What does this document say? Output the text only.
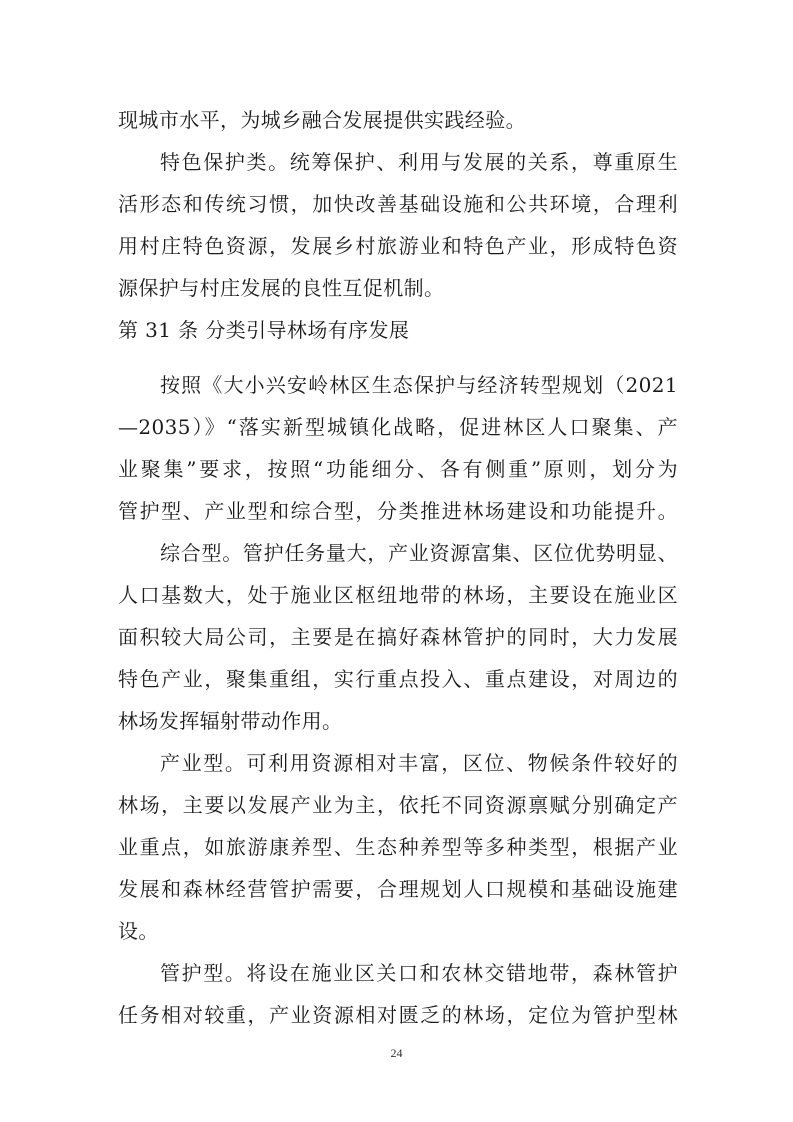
现城市水平，为城乡融合发展提供实践经验。
特色保护类。统筹保护、利用与发展的关系，尊重原生
活形态和传统习惯，加快改善基础设施和公共环境，合理利
用村庄特色资源，发展乡村旅游业和特色产业，形成特色资
源保护与村庄发展的良性互促机制。
第 31 条 分类引导林场有序发展
按照《大小兴安岭林区生态保护与经济转型规划（2021
—2035）》“落实新型城镇化战略，促进林区人口聚集、产
业聚集”要求，按照“功能细分、各有侧重”原则，划分为
管护型、产业型和综合型，分类推进林场建设和功能提升。
综合型。管护任务量大，产业资源富集、区位优势明显、
人口基数大，处于施业区枢纽地带的林场，主要设在施业区
面积较大局公司，主要是在搞好森林管护的同时，大力发展
特色产业，聚集重组，实行重点投入、重点建设，对周边的
林场发挥辐射带动作用。
产业型。可利用资源相对丰富，区位、物候条件较好的
林场，主要以发展产业为主，依托不同资源禀赋分别确定产
业重点，如旅游康养型、生态种养型等多种类型，根据产业
发展和森林经营管护需要，合理规划人口规模和基础设施建
设。
管护型。将设在施业区关口和农林交错地带，森林管护
任务相对较重，产业资源相对匮乏的林场，定位为管护型林
24
